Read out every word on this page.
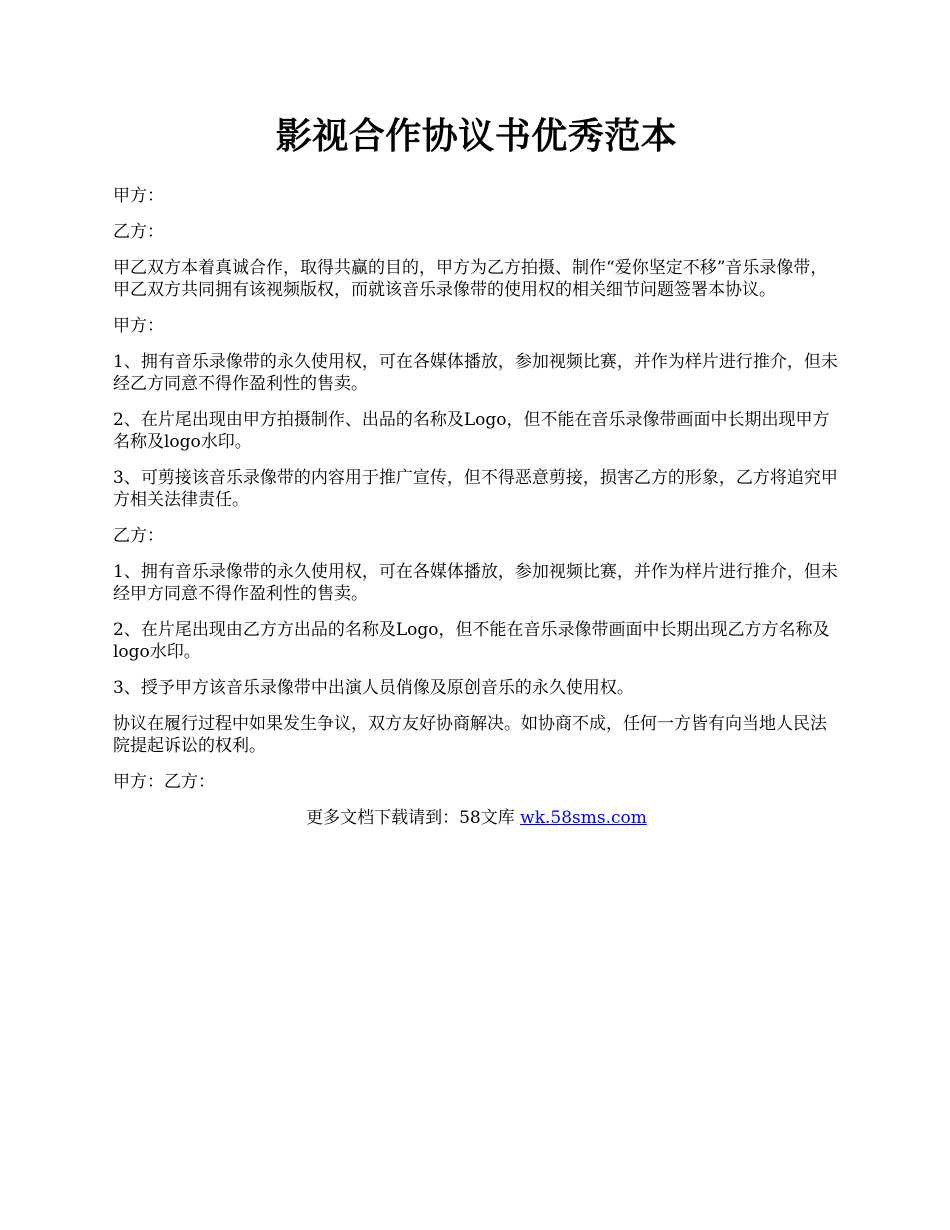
影视合作协议书优秀范本

甲方：

乙方：

甲乙双方本着真诚合作，取得共赢的目的，甲方为乙方拍摄、制作“爱你坚定不移”音乐录像带，甲乙双方共同拥有该视频版权，而就该音乐录像带的使用权的相关细节问题签署本协议。

甲方：

1、拥有音乐录像带的永久使用权，可在各媒体播放，参加视频比赛，并作为样片进行推介，但未经乙方同意不得作盈利性的售卖。

2、在片尾出现由甲方拍摄制作、出品的名称及Logo，但不能在音乐录像带画面中长期出现甲方名称及logo水印。

3、可剪接该音乐录像带的内容用于推广宣传，但不得恶意剪接，损害乙方的形象，乙方将追究甲方相关法律责任。

乙方：

1、拥有音乐录像带的永久使用权，可在各媒体播放，参加视频比赛，并作为样片进行推介，但未经甲方同意不得作盈利性的售卖。

2、在片尾出现由乙方方出品的名称及Logo，但不能在音乐录像带画面中长期出现乙方方名称及logo水印。

3、授予甲方该音乐录像带中出演人员俏像及原创音乐的永久使用权。

协议在履行过程中如果发生争议，双方友好协商解决。如协商不成，任何一方皆有向当地人民法院提起诉讼的权利。

甲方：乙方：

更多文档下载请到：58文库 wk.58sms.com
